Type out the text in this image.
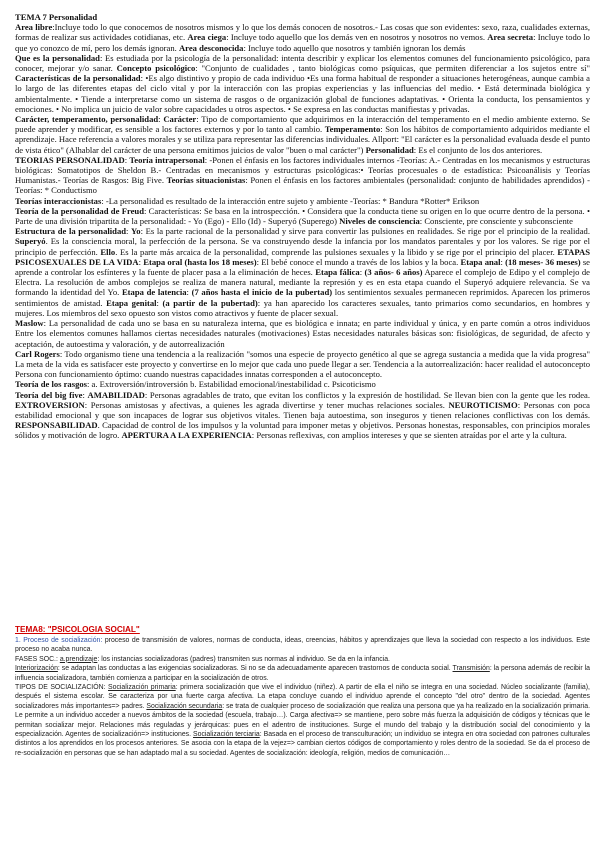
TEMA 7 Personalidad

Area libre:Incluye todo lo que conocemos de nosotros mismos y lo que los demás conocen de nosotros.- Las cosas que son evidentes: sexo, raza, cualidades externas, formas de realizar sus actividades cotidianas, etc. Area ciega: Incluye todo aquello que los demás ven en nosotros y nosotros no vemos. Area secreta: Incluye todo lo que yo conozco de mí, pero los demás ignoran. Area desconocida: Incluye todo aquello que nosotros y también ignoran los demás

Que es la personalidad: Es estudiada por la psicología de la personalidad: intenta describir y explicar los elementos comunes del funcionamiento psicológico, para conocer, mejorar y/o sanar. Concepto psicológico: "Conjunto de cualidades , tanto biológicas como psíquicas, que permiten diferenciar a los sujetos entre sí" Características de la personalidad: •Es algo distintivo y propio de cada individuo •Es una forma habitual de responder a situaciones heterogéneas, aunque cambia a lo largo de las diferentes etapas del ciclo vital y por la interacción con las propias experiencias y las influencias del medio. • Está determinada biológica y ambientalmente. • Tiende a interpretarse como un sistema de rasgos o de organización global de funciones adaptativas. • Orienta la conducta, los pensamientos y emociones. • No implica un juicio de valor sobre capacidades u otros aspectos. • Se expresa en las conductas manifiestas y privadas.

Carácter, temperamento, personalidad: Carácter: Tipo de comportamiento que adquirimos en la interacción del temperamento en el medio ambiente externo. Se puede aprender y modificar, es sensible a los factores externos y por lo tanto al cambio. Temperamento: Son los hábitos de comportamiento adquiridos mediante el aprendizaje. Hace referencia a valores morales y se utiliza para representar las diferencias individuales. Allport: "El carácter es la personalidad evaluada desde el punto de vista ético" (Alhablar del carácter de una persona emitimos juicios de valor "buen o mal carácter") Personalidad: Es el conjunto de los dos anteriores.

TEORIAS PERSONALIDAD: Teoría intrapersonal: -Ponen el énfasis en los factores individuales internos -Teorías: A.- Centradas en los mecanismos y estructuras biológicas: Somatotipos de Sheldon B.- Centradas en mecanismos y estructuras psicológicas:• Teorías procesuales o de estadística: Psicoanálisis y Teorías Humanistas.- Teorías de Rasgos: Big Five. Teorías situacionistas: Ponen el énfasis en los factores ambientales (personalidad: conjunto de habilidades aprendidos) -Teorías: * Conductismo

Teorías interaccionistas: -La personalidad es resultado de la interacción entre sujeto y ambiente -Teorías: * Bandura *Rotter* Erikson

Teoría de la personalidad de Freud: Características: Se basa en la introspección. • Considera que la conducta tiene su origen en lo que ocurre dentro de la persona. • Parte de una división tripartita de la personalidad: - Yo (Ego) - Ello (Id) - Superyó (Superego) Niveles de consciencia: Consciente, pre consciente y subconsciente

Estructura de la personalidad: Yo: Es la parte racional de la personalidad y sirve para convertir las pulsiones en realidades. Se rige por el principio de la realidad. Superyó. Es la consciencia moral, la perfección de la persona. Se va construyendo desde la infancia por los mandatos parentales y por los valores. Se rige por el principio de perfección. Ello. Es la parte más arcaica de la personalidad, comprende las pulsiones sexuales y la libido y se rige por el principio del placer. ETAPAS PSICOSEXUALES DE LA VIDA: Etapa oral (hasta los 18 meses): El bebé conoce el mundo a través de los labios y la boca. Etapa anal: (18 meses- 36 meses) se aprende a controlar los esfínteres y la fuente de placer pasa a la eliminación de heces. Etapa fálica: (3 años- 6 años) Aparece el complejo de Edipo y el complejo de Electra. La resolución de ambos complejos se realiza de manera natural, mediante la represión y es en esta etapa cuando el Superyó adquiere relevancia. Se va formando la identidad del Yo. Etapa de latencia: (7 años hasta el inicio de la pubertad) los sentimientos sexuales permanecen reprimidos. Aparecen los primeros sentimientos de amistad. Etapa genital: (a partir de la pubertad): ya han aparecido los caracteres sexuales, tanto primarios como secundarios, en hombres y mujeres. Los miembros del sexo opuesto son vistos como atractivos y fuente de placer sexual.

Maslow: La personalidad de cada uno se basa en su naturaleza interna, que es biológica e innata; en parte individual y única, y en parte común a otros individuos Entre los elementos comunes hallamos ciertas necesidades naturales (motivaciones) Estas necesidades naturales básicas son: fisiológicas, de seguridad, de afecto y aceptación, de autoestima y valoración, y de autorrealización

Carl Rogers: Todo organismo tiene una tendencia a la realización "somos una especie de proyecto genético al que se agrega sustancia a medida que la vida progresa" La meta de la vida es satisfacer este proyecto y convertirse en lo mejor que cada uno puede llegar a ser. Tendencia a la autorrealización: hacer realidad el autoconcepto Persona con funcionamiento óptimo: cuando nuestras capacidades innatas corresponden a el autoconcepto.

Teoría de los rasgos: a. Extroversión/introversión b. Estabilidad emocional/inestabilidad c. Psicoticismo

Teoría del big five: AMABILIDAD: Personas agradables de trato, que evitan los conflictos y la expresión de hostilidad. Se llevan bien con la gente que les rodea. EXTROVERSION: Personas amistosas y afectivas, a quienes les agrada divertirse y tener muchas relaciones sociales. NEUROTICISMO: Personas con poca estabilidad emocional y que son incapaces de lograr sus objetivos vitales. Tienen baja autoestima, son inseguros y tienen relaciones conflictivas con los demás. RESPONSABILIDAD. Capacidad de control de los impulsos y la voluntad para imponer metas y objetivos. Personas honestas, responsables, con principios morales sólidos y motivación de logro. APERTURA A LA EXPERIENCIA: Personas reflexivas, con amplios intereses y que se sienten atraídas por el arte y la cultura.

TEMA8: "PSICOLOGIA SOCIAL"

1. Proceso de socialización: proceso de transmisión de valores, normas de conducta, ideas, creencias, hábitos y aprendizajes que lleva la sociedad con respecto a los individuos. Este proceso no acaba nunca.

FASES SOC.: a.prendizaje: los instancias socializadoras (padres) transmiten sus normas al individuo. Se da en la infancia.

Interiorización: se adaptan las conductas a las exigencias socializadoras. Si no se da adecuadamente aparecen trastornos de conducta social. Transmisión: la persona además de recibir la influencia socializadora, también comienza a participar en la socialización de otros.

TIPOS DE SOCIALIZACIÓN: Socialización primaria: primera socialización que vive el individuo (niñez). A partir de ella el niño se integra en una sociedad. Núcleo socializante (familia), después el sistema escolar. Se caracteriza por una fuerte carga afectiva. La etapa concluye cuando el individuo aprende el concepto "del otro" dentro de la sociedad. Agentes socializadores más importantes=> padres. Socialización secundaria: se trata de cualquier proceso de socialización que realiza una persona que ya ha realizado en la socialización primaria. Le permite a un individuo acceder a nuevos ámbitos de la sociedad (escuela, trabajo…). Carga afectiva=> se mantiene, pero sobre más fuerza la adquisición de códigos y técnicas que le permitan socializar mejor. Relaciones más reguladas y jerárquicas: pues en el adentro de instituciones. Surge el mundo del trabajo y la distribución social del conocimiento y la especialización. Agentes de socialización=> instituciones. Socialización terciaria: Basada en el proceso de transculturación; un individuo se integra en otra sociedad con patrones culturales distintos a los aprendidos en los procesos anteriores. Se asocia con la etapa de la vejez=> cambian ciertos códigos de comportamiento y roles dentro de la sociedad. Se da el proceso de re-socialización en personas que se han adaptado mal a su sociedad. Agentes de socialización: ideología, religión, medios de comunicación…
